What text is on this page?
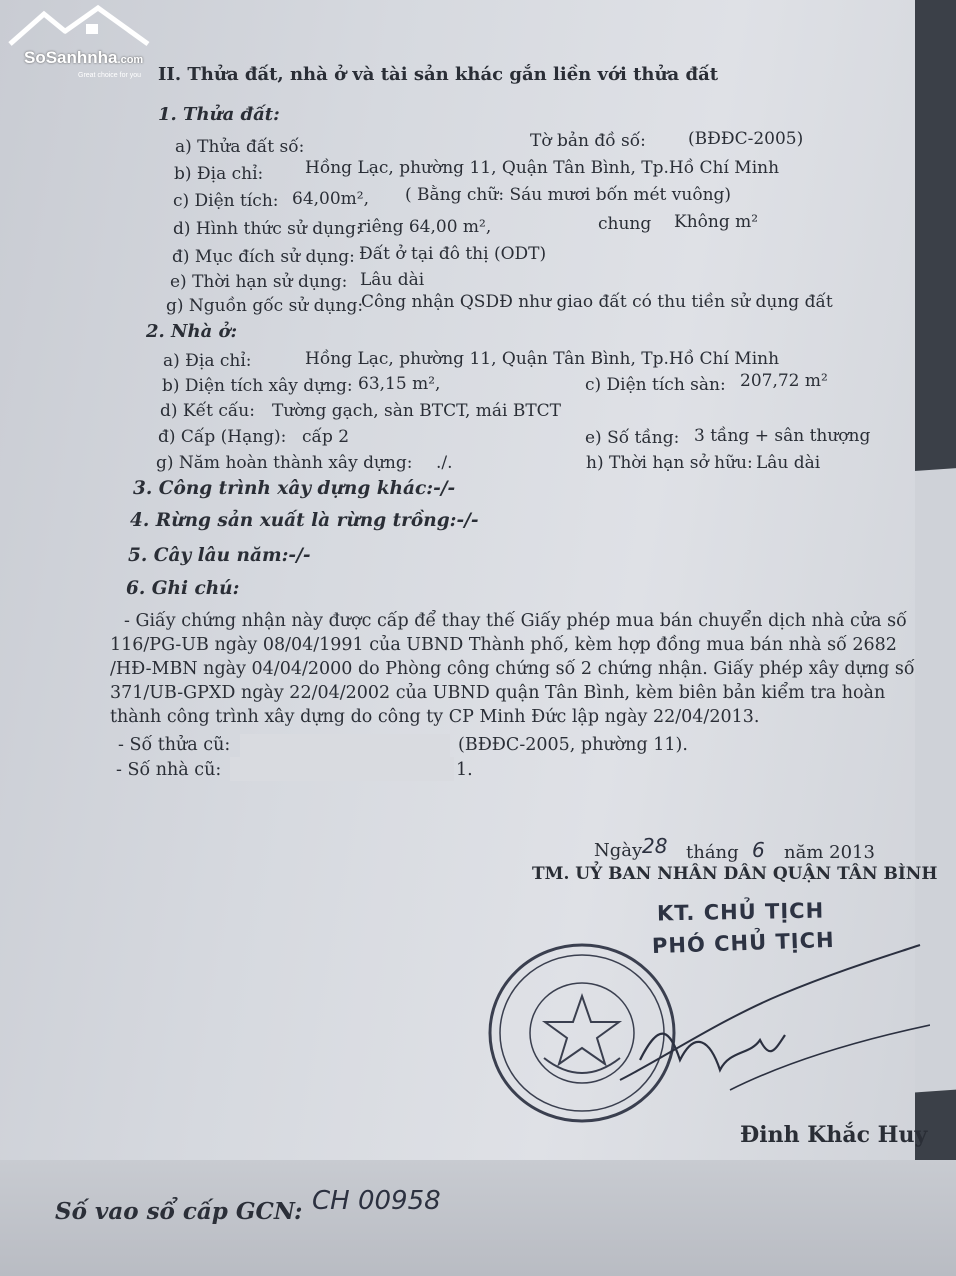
SoSanhnha.com
Great choice for you II. Thửa đất, nhà ở và tài sản khác gắn liền với thửa đất
1. Thửa đất:
a) Thửa đất số:	Tờ bản đồ số: (BĐĐC-2005)
b) Địa chỉ: Hồng Lạc, phường 11, Quận Tân Bình, Tp.Hồ Chí Minh
c) Diện tích: 64,00m², ( Bằng chữ: Sáu mươi bốn mét vuông)
d) Hình thức sử dụng:
riêng 64,00 m²,	chung Không m²
đ) Mục đích sử dụng: Đất ở tại đô thị (ODT)
e) Thời hạn sử dụng: Lâu dài
g) Nguồn gốc sử dụng:
Công nhận QSDĐ như giao đất có thu tiền sử dụng đất
2. Nhà ở:
a) Địa chỉ:	Hồng Lạc, phường 11, Quận Tân Bình, Tp.Hồ Chí Minh
b) Diện tích xây dựng: 63,15 m²,	c) Diện tích sàn: 207,72 m²
d) Kết cấu: Tường gạch, sàn BTCT, mái BTCT
đ) Cấp (Hạng): cấp 2	e) Số tầng: 3 tầng + sân thượng
g) Năm hoàn thành xây dựng: ./.	h) Thời hạn sở hữu: Lâu dài
3. Công trình xây dựng khác:-/-
4. Rừng sản xuất là rừng trồng:-/-
5. Cây lâu năm:-/-
6. Ghi chú:
- Giấy chứng nhận này được cấp để thay thế Giấy phép mua bán chuyển dịch nhà cửa số
116/PG-UB ngày 08/04/1991 của UBND Thành phố, kèm hợp đồng mua bán nhà số 2682
/HĐ-MBN ngày 04/04/2000 do Phòng công chứng số 2 chứng nhận. Giấy phép xây dựng số
371/UB-GPXD ngày 22/04/2002 của UBND quận Tân Bình, kèm biên bản kiểm tra hoàn
thành công trình xây dựng do công ty CP Minh Đức lập ngày 22/04/2013.
- Số thửa cũ:	(BĐĐC-2005, phường 11).
- Số nhà cũ:	1.
Ngày 28 tháng 6 năm 2013
TM. UỶ BAN NHÂN DÂN QUẬN TÂN BÌNH
KT. CHỦ TỊCH
PHÓ CHỦ TỊCH
Đinh Khắc Huy
Số vao sổ cấp GCN: CH 00958
